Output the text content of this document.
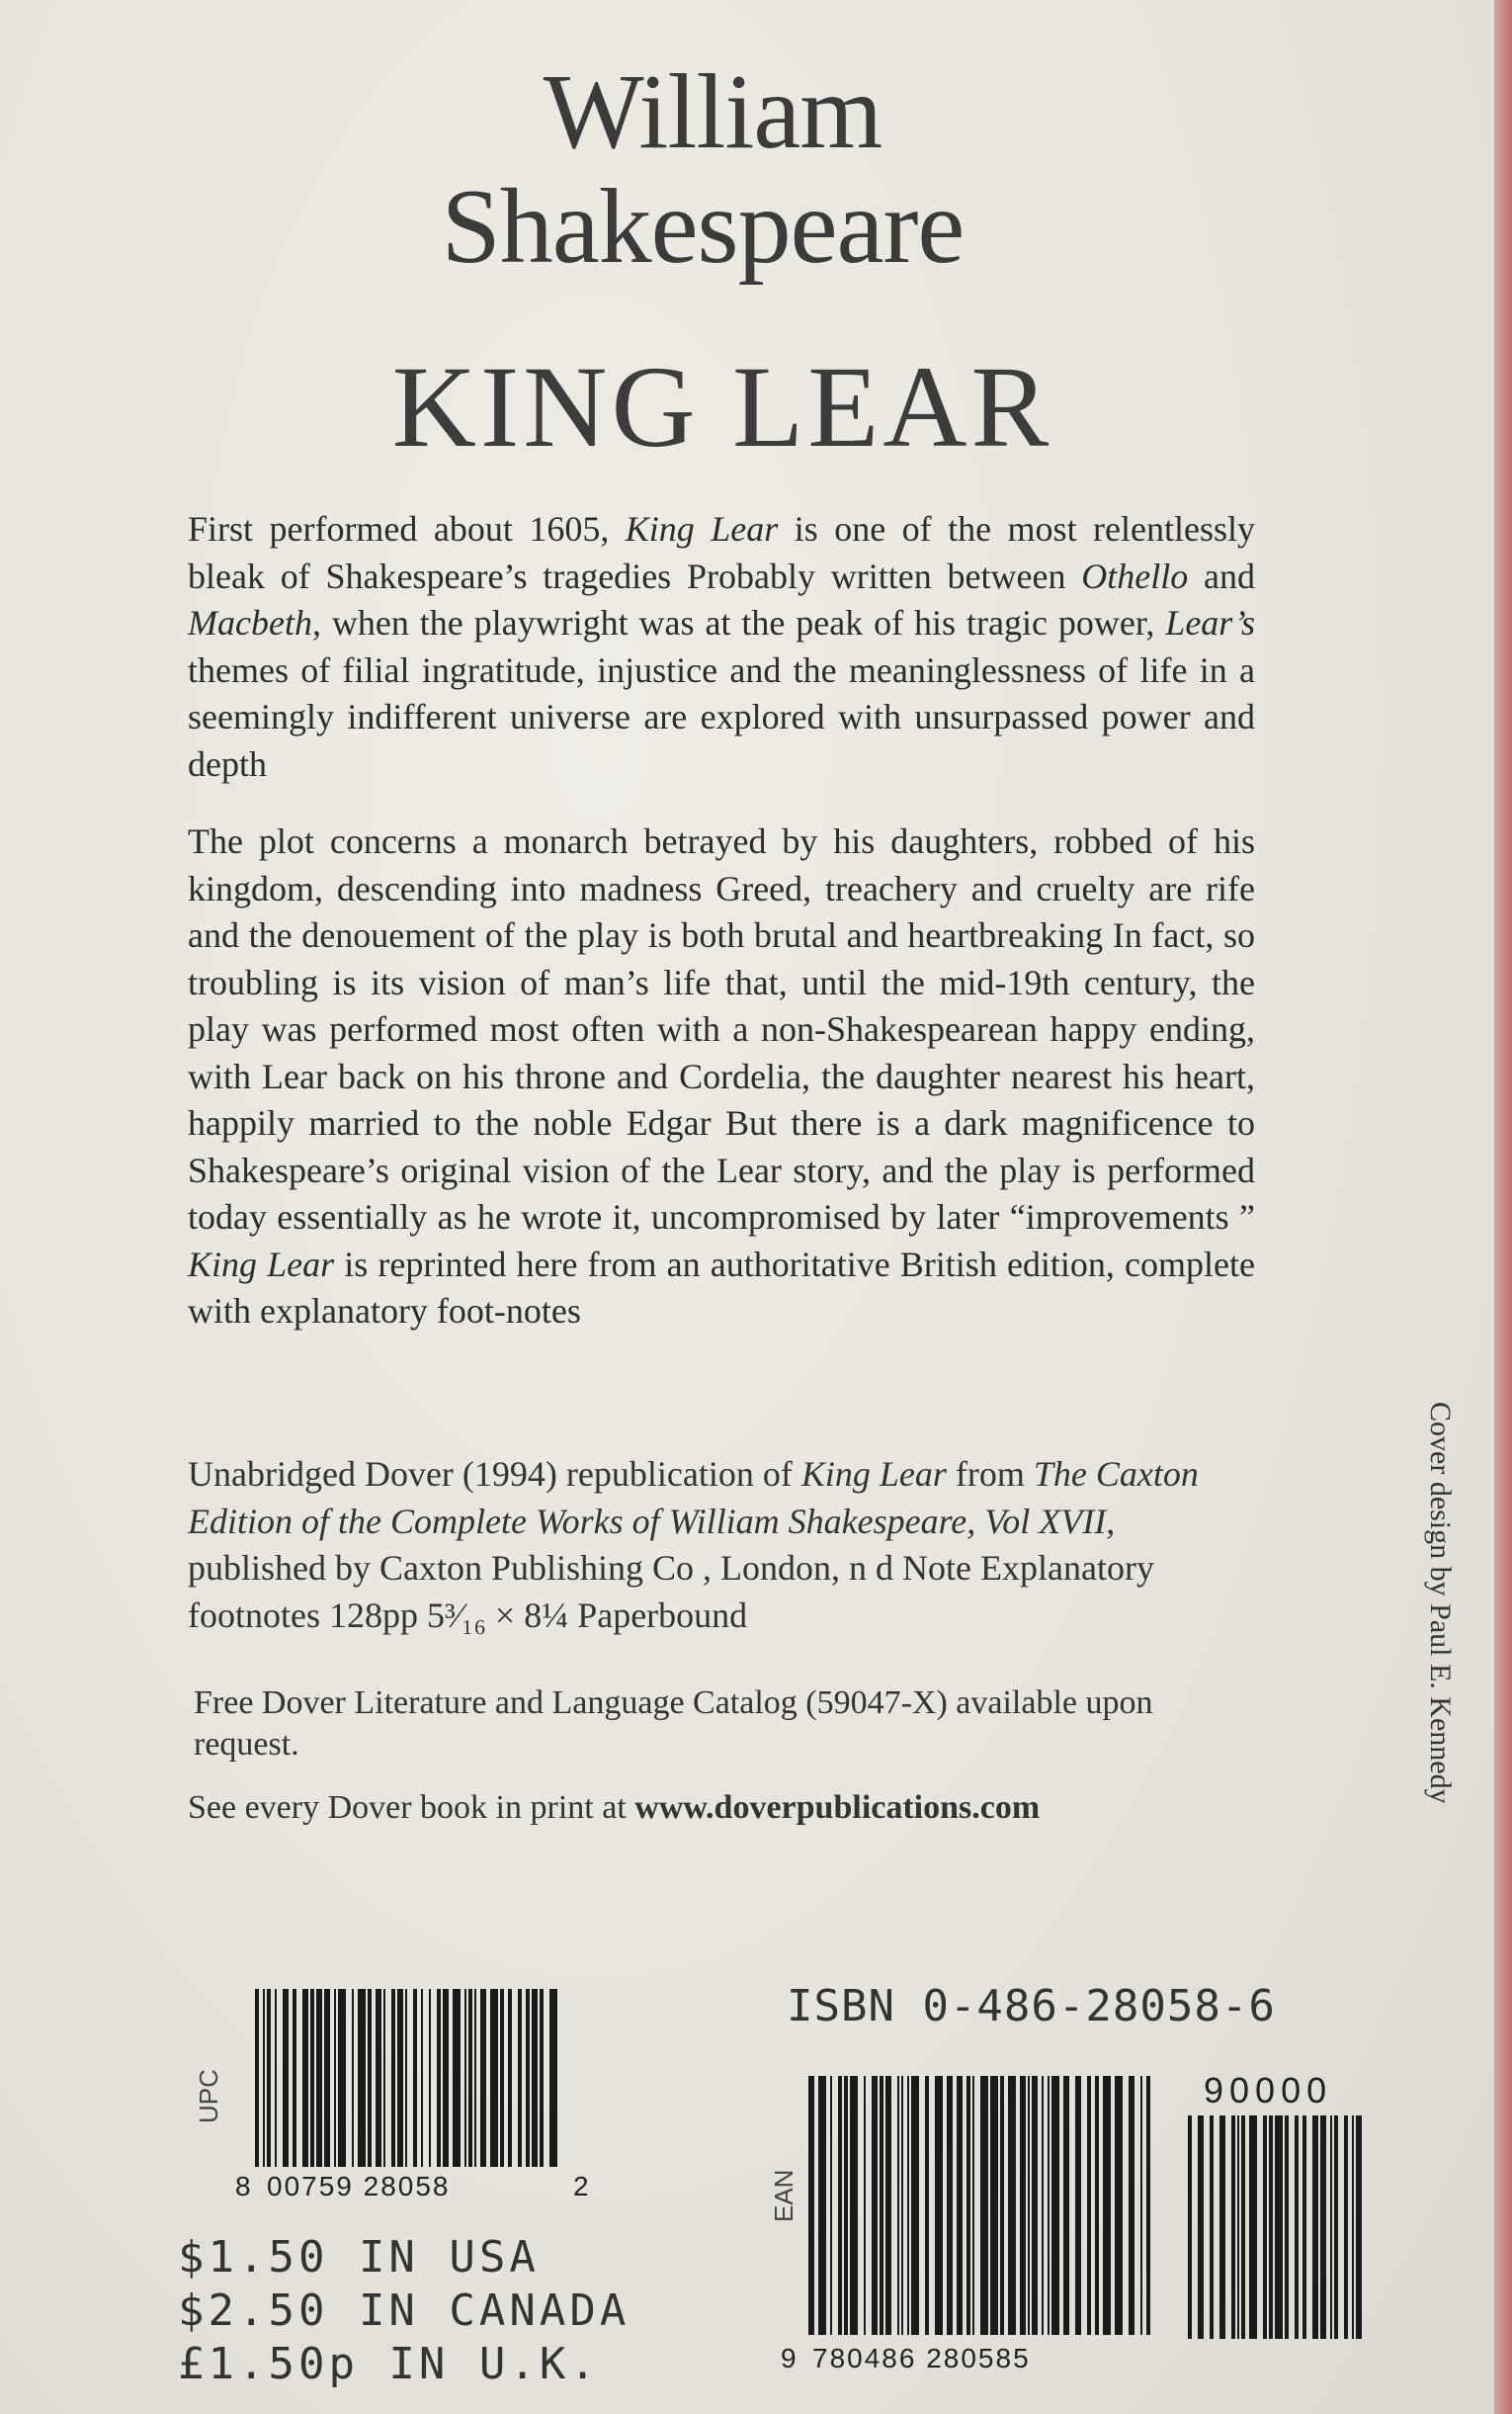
William
Shakespeare
KING LEAR

First performed about 1605, King Lear is one of the most relentlessly bleak of Shakespeare’s tragedies Probably written between Othello and Macbeth, when the playwright was at the peak of his tragic power, Lear’s themes of filial ingratitude, injustice and the meaninglessness of life in a seemingly indifferent universe are explored with unsurpassed power and depth

The plot concerns a monarch betrayed by his daughters, robbed of his kingdom, descending into madness Greed, treachery and cruelty are rife and the denouement of the play is both brutal and heartbreaking In fact, so troubling is its vision of man’s life that, until the mid-19th century, the play was performed most often with a non-Shakespearean happy ending, with Lear back on his throne and Cordelia, the daughter nearest his heart, happily married to the noble Edgar But there is a dark magnificence to Shakespeare’s original vision of the Lear story, and the play is performed today essentially as he wrote it, uncompromised by later “improvements ” King Lear is reprinted here from an authoritative British edition, complete with explanatory foot-notes

Unabridged Dover (1994) republication of King Lear from The Caxton Edition of the Complete Works of William Shakespeare, Vol XVII, published by Caxton Publishing Co , London, n d Note Explanatory footnotes 128pp 5³⁄₁₆ × 8¼ Paperbound

Free Dover Literature and Language Catalog (59047-X) available upon request.
See every Dover book in print at www.doverpublications.com
Cover design by Paul E. Kennedy
ISBN 0-486-28058-6
UPC
8 00759 28058	2	EAN
9 780486 280585
90000
$1.50 IN USA
$2.50 IN CANADA
£1.50p IN U.K.
